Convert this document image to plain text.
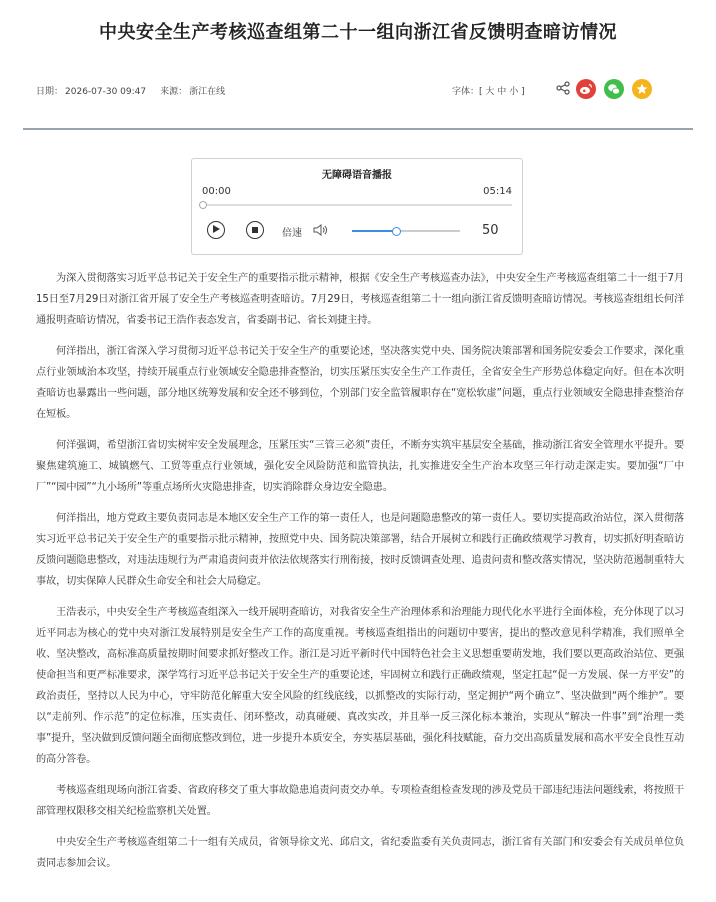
中央安全生产考核巡查组第二十一组向浙江省反馈明查暗访情况
日期： 2026-07-30 09:47 来源： 浙江在线	字体：[ 大 中 小 ]
无障碍语音播报
00:00	05:14
倍速	50

为深入贯彻落实习近平总书记关于安全生产的重要指示批示精神，根据《安全生产考核巡查办法》，中央安全生产考核巡查组第二十一组于7月15日至7月29日对浙江省开展了安全生产考核巡查明查暗访。7月29日，考核巡查组第二十一组向浙江省反馈明查暗访情况。考核巡查组组长何洋通报明查暗访情况，省委书记王浩作表态发言，省委副书记、省长刘捷主持。

何洋指出，浙江省深入学习贯彻习近平总书记关于安全生产的重要论述，坚决落实党中央、国务院决策部署和国务院安委会工作要求，深化重点行业领域治本攻坚，持续开展重点行业领域安全隐患排查整治，切实压紧压实安全生产工作责任，全省安全生产形势总体稳定向好。但在本次明查暗访也暴露出一些问题，部分地区统筹发展和安全还不够到位，个别部门安全监管履职存在“宽松软虚”问题，重点行业领域安全隐患排查整治存在短板。

何洋强调，希望浙江省切实树牢安全发展理念，压紧压实“三管三必须”责任，不断夯实筑牢基层安全基础，推动浙江省安全管理水平提升。要聚焦建筑施工、城镇燃气、工贸等重点行业领域，强化安全风险防范和监管执法，扎实推进安全生产治本攻坚三年行动走深走实。要加强“厂中厂”“园中园”“九小场所”等重点场所火灾隐患排查，切实消除群众身边安全隐患。

何洋指出，地方党政主要负责同志是本地区安全生产工作的第一责任人，也是问题隐患整改的第一责任人。要切实提高政治站位，深入贯彻落实习近平总书记关于安全生产的重要指示批示精神，按照党中央、国务院决策部署，结合开展树立和践行正确政绩观学习教育，切实抓好明查暗访反馈问题隐患整改，对违法违规行为严肃追责问责并依法依规落实行刑衔接，按时反馈调查处理、追责问责和整改落实情况，坚决防范遏制重特大事故，切实保障人民群众生命安全和社会大局稳定。

王浩表示，中央安全生产考核巡查组深入一线开展明查暗访，对我省安全生产治理体系和治理能力现代化水平进行全面体检，充分体现了以习近平同志为核心的党中央对浙江发展特别是安全生产工作的高度重视。考核巡查组指出的问题切中要害，提出的整改意见科学精准，我们照单全收、坚决整改，高标准高质量按期时间要求抓好整改工作。浙江是习近平新时代中国特色社会主义思想重要萌发地，我们要以更高政治站位、更强使命担当和更严标准要求，深学笃行习近平总书记关于安全生产的重要论述，牢固树立和践行正确政绩观，坚定扛起“促一方发展、保一方平安”的政治责任，坚持以人民为中心，守牢防范化解重大安全风险的红线底线，以抓整改的实际行动，坚定拥护“两个确立”、坚决做到“两个维护”。要以“走前列、作示范”的定位标准，压实责任、闭环整改，动真碰硬、真改实改，并且举一反三深化标本兼治，实现从“解决一件事”到“治理一类事”提升，坚决做到反馈问题全面彻底整改到位，进一步提升本质安全，夯实基层基础，强化科技赋能，奋力交出高质量发展和高水平安全良性互动的高分答卷。

考核巡查组现场向浙江省委、省政府移交了重大事故隐患追责问责交办单。专项检查组检查发现的涉及党员干部违纪违法问题线索，将按照干部管理权限移交相关纪检监察机关处置。

中央安全生产考核巡查组第二十一组有关成员，省领导徐文光、邱启文，省纪委监委有关负责同志，浙江省有关部门和安委会有关成员单位负责同志参加会议。
